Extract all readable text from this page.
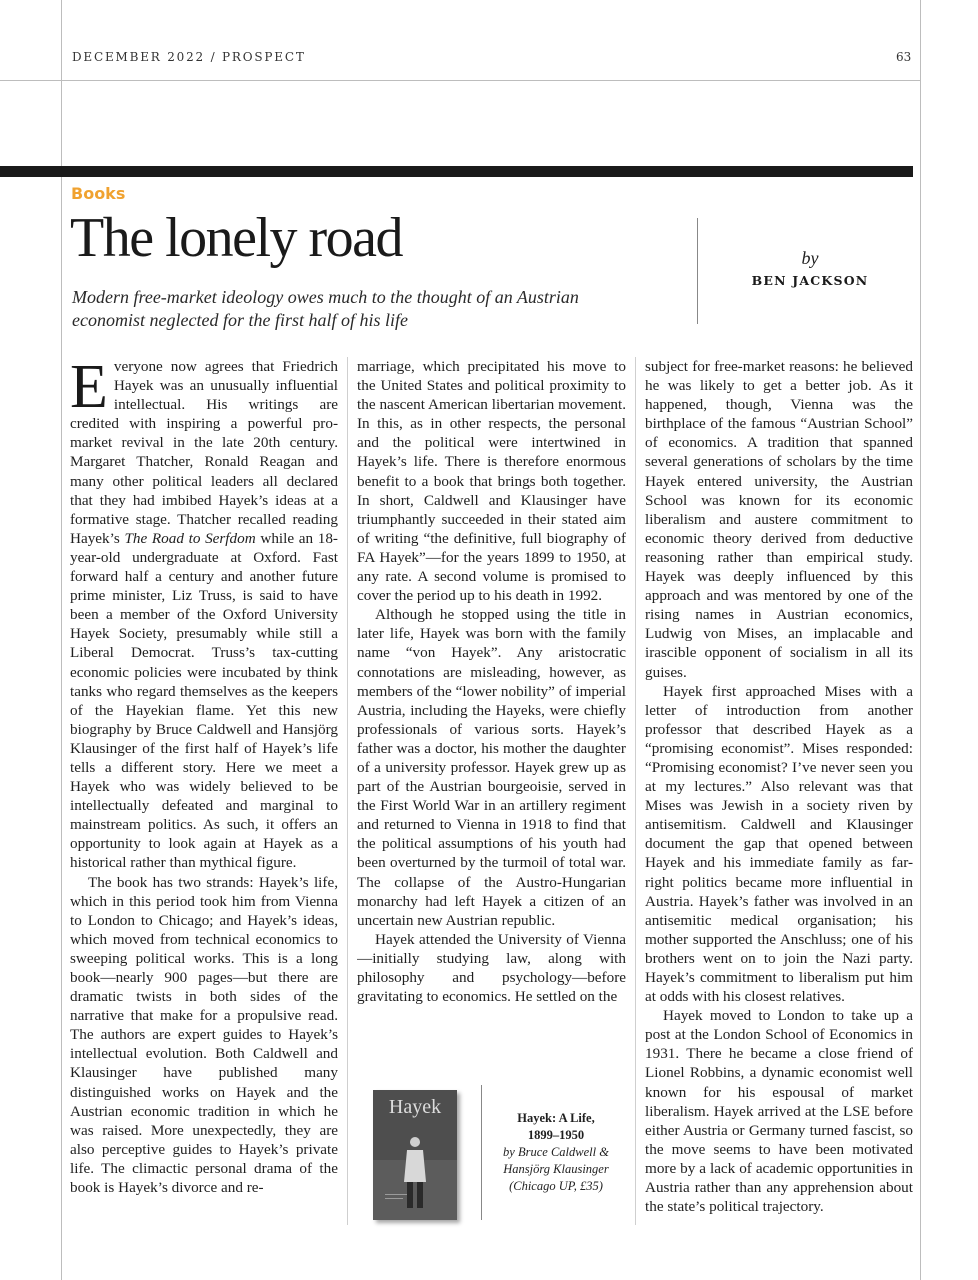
DECEMBER 2022 / PROSPECT	63
Books
The lonely road

Modern free-market ideology owes much to the thought of an Austrian economist neglected for the first half of his life

by
BEN JACKSON

Everyone now agrees that Friedrich Hayek was an unusually influential intellectual. His writings are credited with inspiring a powerful pro-market revival in the late 20th century. Margaret Thatcher, Ronald Reagan and many other political leaders all declared that they had imbibed Hayek’s ideas at a formative stage. Thatcher recalled reading Hayek’s The Road to Serfdom while an 18-year-old undergraduate at Oxford. Fast forward half a century and another future prime minister, Liz Truss, is said to have been a member of the Oxford University Hayek Society, presumably while still a Liberal Democrat. Truss’s tax-cutting economic policies were incubated by think tanks who regard themselves as the keepers of the Hayekian flame. Yet this new biography by Bruce Caldwell and Hansjörg Klausinger of the first half of Hayek’s life tells a different story. Here we meet a Hayek who was widely believed to be intellectually defeated and marginal to mainstream politics. As such, it offers an opportunity to look again at Hayek as a historical rather than mythical figure.

The book has two strands: Hayek’s life, which in this period took him from Vienna to London to Chicago; and Hayek’s ideas, which moved from technical economics to sweeping political works. This is a long book—nearly 900 pages—but there are dramatic twists in both sides of the narrative that make for a propulsive read. The authors are expert guides to Hayek’s intellectual evolution. Both Caldwell and Klausinger have published many distinguished works on Hayek and the Austrian economic tradition in which he was raised. More unexpectedly, they are also perceptive guides to Hayek’s private life. The climactic personal drama of the book is Hayek’s divorce and re-

marriage, which precipitated his move to the United States and political proximity to the nascent American libertarian movement. In this, as in other respects, the personal and the political were intertwined in Hayek’s life. There is therefore enormous benefit to a book that brings both together. In short, Caldwell and Klausinger have triumphantly succeeded in their stated aim of writing “the definitive, full biography of FA Hayek”—for the years 1899 to 1950, at any rate. A second volume is promised to cover the period up to his death in 1992.

Although he stopped using the title in later life, Hayek was born with the family name “von Hayek”. Any aristocratic connotations are misleading, however, as members of the “lower nobility” of imperial Austria, including the Hayeks, were chiefly professionals of various sorts. Hayek’s father was a doctor, his mother the daughter of a university professor. Hayek grew up as part of the Austrian bourgeoisie, served in the First World War in an artillery regiment and returned to Vienna in 1918 to find that the political assumptions of his youth had been overturned by the turmoil of total war. The collapse of the Austro-Hungarian monarchy had left Hayek a citizen of an uncertain new Austrian republic.

Hayek attended the University of Vienna—initially studying law, along with philosophy and psychology—before gravitating to economics. He settled on the

subject for free-market reasons: he believed he was likely to get a better job. As it happened, though, Vienna was the birthplace of the famous “Austrian School” of economics. A tradition that spanned several generations of scholars by the time Hayek entered university, the Austrian School was known for its economic liberalism and austere commitment to economic theory derived from deductive reasoning rather than empirical study. Hayek was deeply influenced by this approach and was mentored by one of the rising names in Austrian economics, Ludwig von Mises, an implacable and irascible opponent of socialism in all its guises.

Hayek first approached Mises with a letter of introduction from another professor that described Hayek as a “promising economist”. Mises responded: “Promising economist? I’ve never seen you at my lectures.” Also relevant was that Mises was Jewish in a society riven by antisemitism. Caldwell and Klausinger document the gap that opened between Hayek and his immediate family as far-right politics became more influential in Austria. Hayek’s father was involved in an antisemitic medical organisation; his mother supported the Anschluss; one of his brothers went on to join the Nazi party. Hayek’s commitment to liberalism put him at odds with his closest relatives.

Hayek moved to London to take up a post at the London School of Economics in 1931. There he became a close friend of Lionel Robbins, a dynamic economist well known for his espousal of market liberalism. Hayek arrived at the LSE before either Austria or Germany turned fascist, so the move seems to have been motivated more by a lack of academic opportunities in Austria rather than any apprehension about the state’s political trajectory.

Hayek	Hayek: A Life,
1899–1950
by Bruce Caldwell &
Hansjörg Klausinger
(Chicago UP, £35)
